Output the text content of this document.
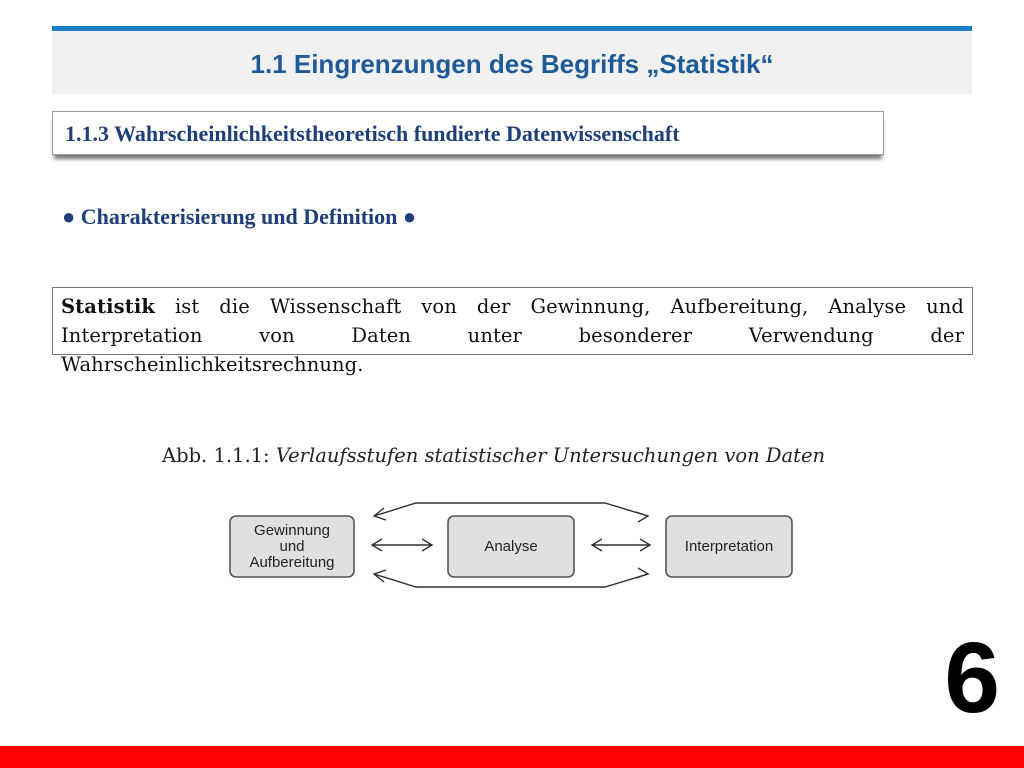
1.1 Eingrenzungen des Begriffs „Statistik“
1.1.3 Wahrscheinlichkeitstheoretisch fundierte Datenwissenschaft
● Charakterisierung und Definition ●
Statistik ist die Wissenschaft von der Gewinnung, Aufbereitung, Analyse und Interpretation von Daten unter besonderer Verwendung der Wahrscheinlichkeitsrechnung.
Abb. 1.1.1: Verlaufsstufen statistischer Untersuchungen von Daten
Gewinnung
und
Aufbereitung
Analyse	Interpretation
6
